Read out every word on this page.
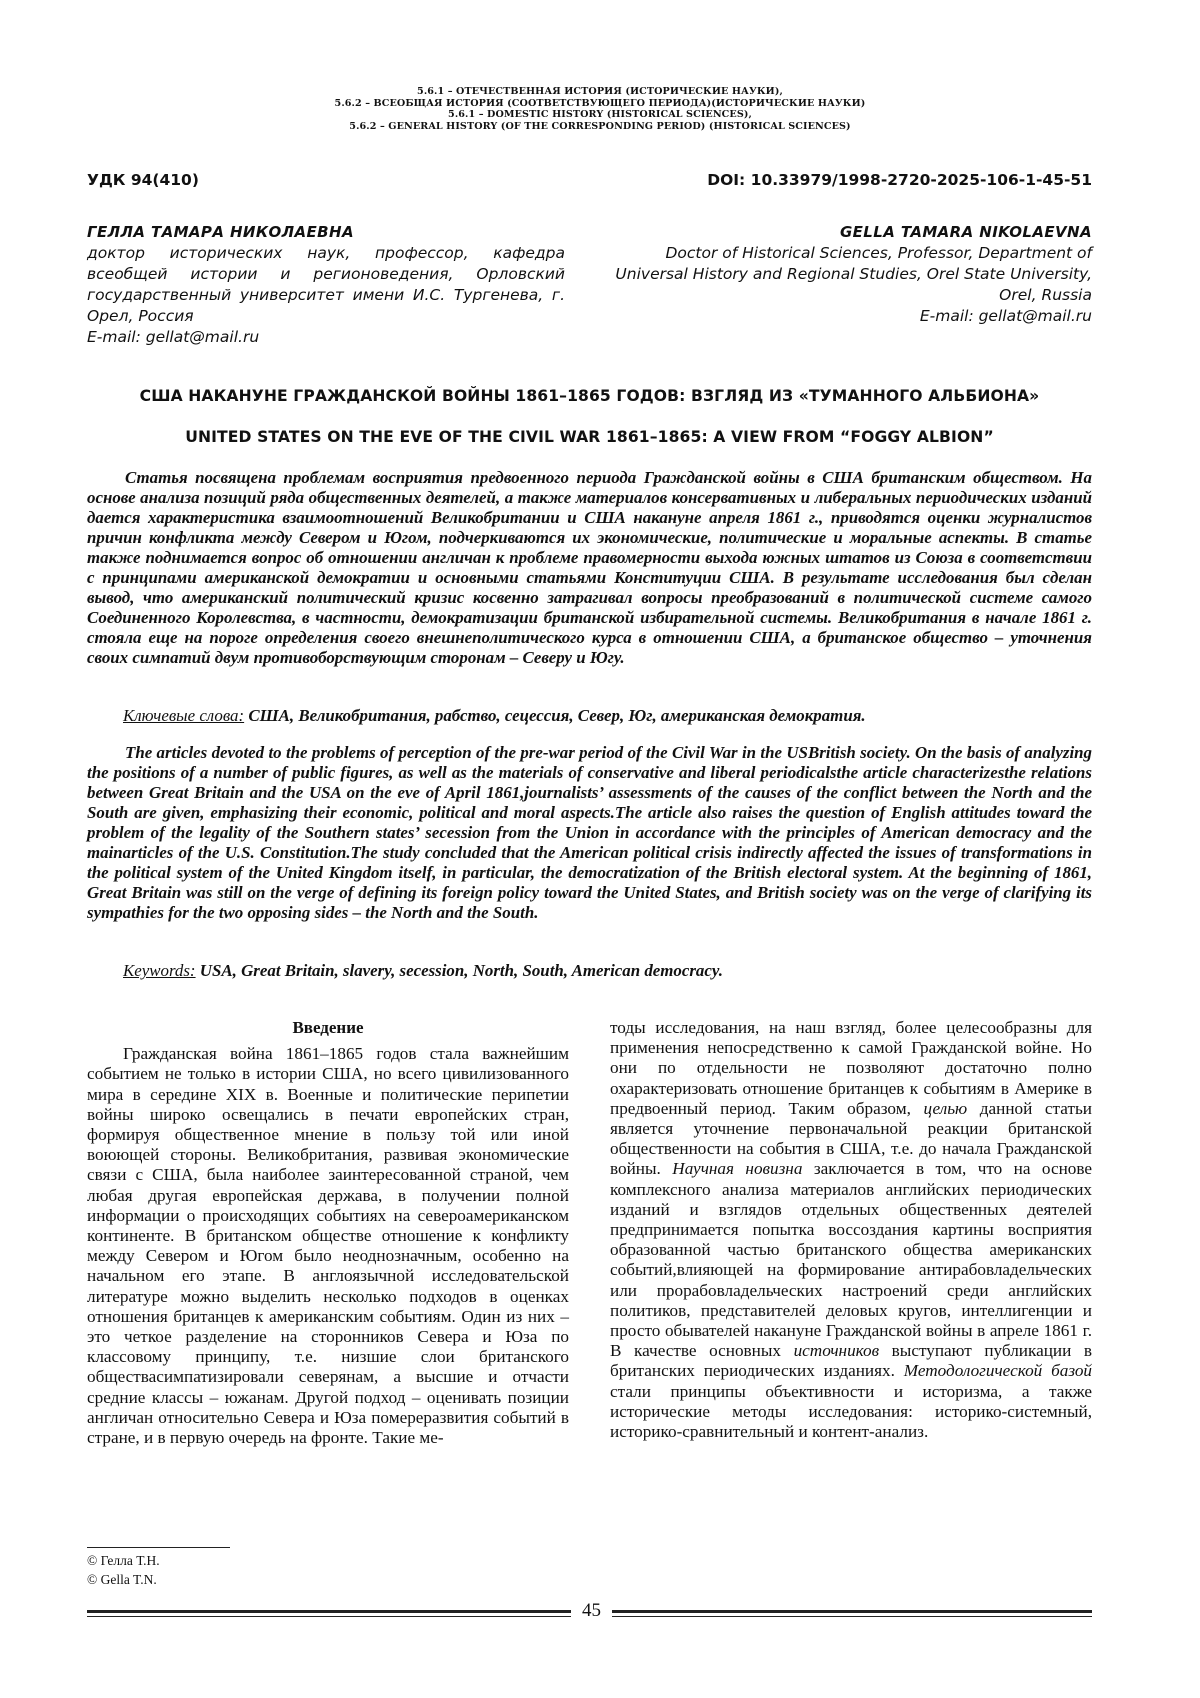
5.6.1 – ОТЕЧЕСТВЕННАЯ ИСТОРИЯ (ИСТОРИЧЕСКИЕ НАУКИ),
5.6.2 – ВСЕОБЩАЯ ИСТОРИЯ (СООТВЕТСТВУЮЩЕГО ПЕРИОДА)(ИСТОРИЧЕСКИЕ НАУКИ)
5.6.1 – DOMESTIC HISTORY (HISTORICAL SCIENCES),
5.6.2 – GENERAL HISTORY (OF THE CORRESPONDING PERIOD) (HISTORICAL SCIENCES)
УДК 94(410)	DOI: 10.33979/1998-2720-2025-106-1-45-51
ГЕЛЛА ТАМАРА НИКОЛАЕВНА
доктор исторических наук, профессор, кафедра всеобщей истории и регионоведения, Орловский государственный университет имени И.С. Тургенева, г. Орел, Россия
E-mail: gellat@mail.ru
GELLA TAMARA NIKOLAEVNA
Doctor of Historical Sciences, Professor, Department of
Universal History and Regional Studies, Orel State University,
Orel, Russia
E-mail: gellat@mail.ru
США НАКАНУНЕ ГРАЖДАНСКОЙ ВОЙНЫ 1861–1865 ГОДОВ: ВЗГЛЯД ИЗ «ТУМАННОГО АЛЬБИОНА»
UNITED STATES ON THE EVE OF THE CIVIL WAR 1861–1865: A VIEW FROM “FOGGY ALBION”
Статья посвящена проблемам восприятия предвоенного периода Гражданской войны в США британским обществом. На основе анализа позиций ряда общественных деятелей, а также материалов консервативных и либеральных периодических изданий дается характеристика взаимоотношений Великобритании и США накануне апреля 1861 г., приводятся оценки журналистов причин конфликта между Севером и Югом, подчеркиваются их экономические, политические и моральные аспекты. В статье также поднимается вопрос об отношении англичан к проблеме правомерности выхода южных штатов из Союза в соответствии с принципами американской демократии и основными статьями Конституции США. В результате исследования был сделан вывод, что американский политический кризис косвенно затрагивал вопросы преобразований в политической системе самого Соединенного Королевства, в частности, демократизации британской избирательной системы. Великобритания в начале 1861 г. стояла еще на пороге определения своего внешнеполитического курса в отношении США, а британское общество – уточнения своих симпатий двум противоборствующим сторонам – Северу и Югу.
Ключевые слова: США, Великобритания, рабство, сецессия, Север, Юг, американская демократия.
The articles devoted to the problems of perception of the pre-war period of the Civil War in the USBritish society. On the basis of analyzing the positions of a number of public figures, as well as the materials of conservative and liberal periodicalsthe article characterizesthe relations between Great Britain and the USA on the eve of April 1861,journalists’ assessments of the causes of the conflict between the North and the South are given, emphasizing their economic, political and moral aspects.The article also raises the question of English attitudes toward the problem of the legality of the Southern states’ secession from the Union in accordance with the principles of American democracy and the mainarticles of the U.S. Constitution.The study concluded that the American political crisis indirectly affected the issues of transformations in the political system of the United Kingdom itself, in particular, the democratization of the British electoral system. At the beginning of 1861, Great Britain was still on the verge of defining its foreign policy toward the United States, and British society was on the verge of clarifying its sympathies for the two opposing sides – the North and the South.
Keywords: USA, Great Britain, slavery, secession, North, South, American democracy.
Введение
Гражданская война 1861–1865 годов стала важнейшим событием не только в истории США, но всего цивилизованного мира в середине XIX в. Военные и политические перипетии войны широко освещались в печати европейских стран, формируя общественное мнение в пользу той или иной воюющей стороны. Великобритания, развивая экономические связи с США, была наиболее заинтересованной страной, чем любая другая европейская держава, в получении полной информации о происходящих событиях на североамериканском континенте. В британском обществе отношение к конфликту между Севером и Югом было неоднозначным, особенно на начальном его этапе. В англоязычной исследовательской литературе можно выделить несколько подходов в оценках отношения британцев к американским событиям. Один из них – это четкое разделение на сторонников Севера и Юза по классовому принципу, т.е. низшие слои британского обществасимпатизировали северянам, а высшие и отчасти средние классы – южанам. Другой подход – оценивать позиции англичан относительно Севера и Юза помереразвития событий в стране, и в первую очередь на фронте. Такие ме-
тоды исследования, на наш взгляд, более целесообразны для применения непосредственно к самой Гражданской войне. Но они по отдельности не позволяют достаточно полно охарактеризовать отношение британцев к событиям в Америке в предвоенный период. Таким образом, целью данной статьи является уточнение первоначальной реакции британской общественности на события в США, т.е. до начала Гражданской войны. Научная новизна заключается в том, что на основе комплексного анализа материалов английских периодических изданий и взглядов отдельных общественных деятелей предпринимается попытка воссоздания картины восприятия образованной частью британского общества американских событий,влияющей на формирование антирабовладельческих или прорабовладельческих настроений среди английских политиков, представителей деловых кругов, интеллигенции и просто обывателей накануне Гражданской войны в апреле 1861 г. В качестве основных источников выступают публикации в британских периодических изданиях. Методологической базой стали принципы объективности и историзма, а также исторические методы исследования: историко-системный, историко-сравнительный и контент-анализ.
© Гелла Т.Н.
© Gella T.N.
45
